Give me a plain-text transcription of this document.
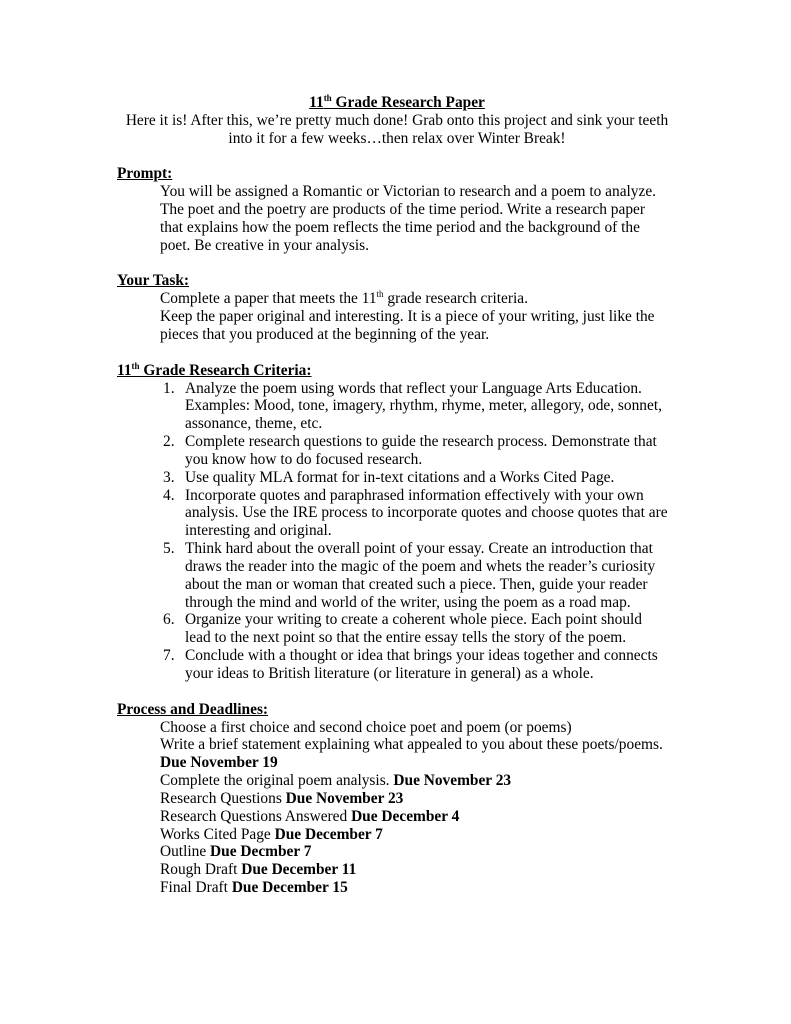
11th Grade Research Paper
Here it is! After this, we’re pretty much done! Grab onto this project and sink your teeth
into it for a few weeks…then relax over Winter Break!
Prompt:
You will be assigned a Romantic or Victorian to research and a poem to analyze.
The poet and the poetry are products of the time period. Write a research paper
that explains how the poem reflects the time period and the background of the
poet. Be creative in your analysis.
Your Task:
Complete a paper that meets the 11th grade research criteria.
Keep the paper original and interesting. It is a piece of your writing, just like the
pieces that you produced at the beginning of the year.
11th Grade Research Criteria:
1. Analyze the poem using words that reflect your Language Arts Education.
Examples: Mood, tone, imagery, rhythm, rhyme, meter, allegory, ode, sonnet,
assonance, theme, etc.
2. Complete research questions to guide the research process. Demonstrate that
you know how to do focused research.
3. Use quality MLA format for in-text citations and a Works Cited Page.
4. Incorporate quotes and paraphrased information effectively with your own
analysis. Use the IRE process to incorporate quotes and choose quotes that are
interesting and original.
5. Think hard about the overall point of your essay. Create an introduction that
draws the reader into the magic of the poem and whets the reader’s curiosity
about the man or woman that created such a piece. Then, guide your reader
through the mind and world of the writer, using the poem as a road map.
6. Organize your writing to create a coherent whole piece. Each point should
lead to the next point so that the entire essay tells the story of the poem.
7. Conclude with a thought or idea that brings your ideas together and connects
your ideas to British literature (or literature in general) as a whole.
Process and Deadlines:
Choose a first choice and second choice poet and poem (or poems)
Write a brief statement explaining what appealed to you about these poets/poems.
Due November 19
Complete the original poem analysis. Due November 23
Research Questions Due November 23
Research Questions Answered Due December 4
Works Cited Page Due December 7
Outline Due Decmber 7
Rough Draft Due December 11
Final Draft Due December 15
